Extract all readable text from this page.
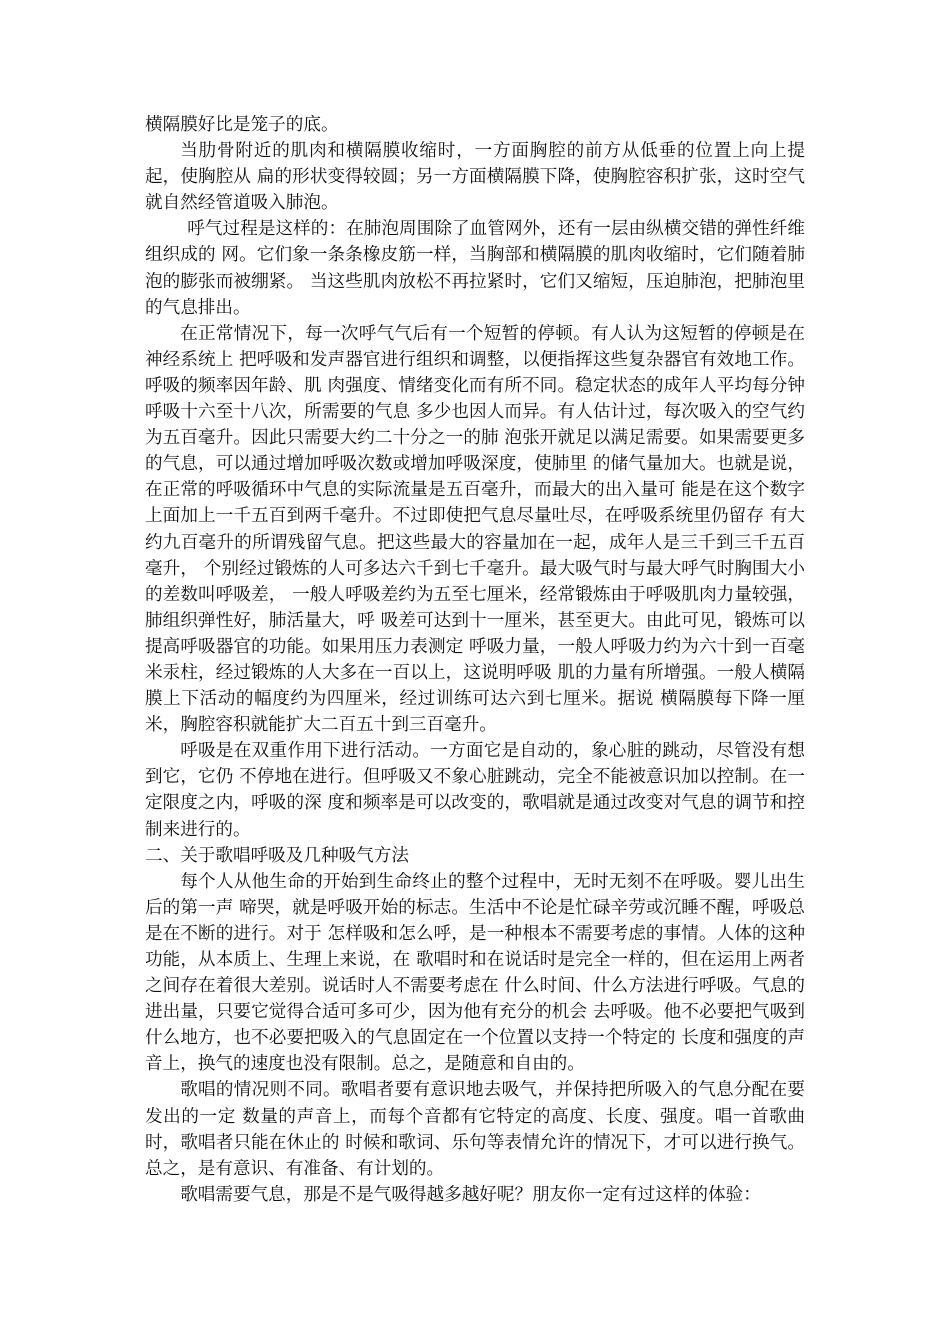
横隔膜好比是笼子的底。

当肋骨附近的肌肉和横隔膜收缩时，一方面胸腔的前方从低垂的位置上向上提起，使胸腔从 扁的形状变得较圆；另一方面横隔膜下降，使胸腔容积扩张，这时空气就自然经管道吸入肺泡。

呼气过程是这样的：在肺泡周围除了血管网外，还有一层由纵横交错的弹性纤维组织成的 网。它们象一条条橡皮筋一样，当胸部和横隔膜的肌肉收缩时，它们随着肺泡的膨张而被绷紧。 当这些肌肉放松不再拉紧时，它们又缩短，压迫肺泡，把肺泡里的气息排出。

在正常情况下，每一次呼气气后有一个短暂的停顿。有人认为这短暂的停顿是在神经系统上 把呼吸和发声器官进行组织和调整，以便指挥这些复杂器官有效地工作。呼吸的频率因年龄、肌 肉强度、情绪变化而有所不同。稳定状态的成年人平均每分钟呼吸十六至十八次，所需要的气息 多少也因人而异。有人估计过，每次吸入的空气约为五百毫升。因此只需要大约二十分之一的肺 泡张开就足以满足需要。如果需要更多的气息，可以通过增加呼吸次数或增加呼吸深度，使肺里 的储气量加大。也就是说，在正常的呼吸循环中气息的实际流量是五百毫升，而最大的出入量可 能是在这个数字上面加上一千五百到两千毫升。不过即使把气息尽量吐尽，在呼吸系统里仍留存 有大约九百毫升的所谓残留气息。把这些最大的容量加在一起，成年人是三千到三千五百毫升， 个别经过锻炼的人可多达六千到七千毫升。最大吸气时与最大呼气时胸围大小的差数叫呼吸差， 一般人呼吸差约为五至七厘米，经常锻炼由于呼吸肌肉力量较强，肺组织弹性好，肺活量大，呼 吸差可达到十一厘米，甚至更大。由此可见，锻炼可以提高呼吸器官的功能。如果用压力表测定 呼吸力量，一般人呼吸力约为六十到一百毫米汞柱，经过锻炼的人大多在一百以上，这说明呼吸 肌的力量有所增强。一般人横隔膜上下活动的幅度约为四厘米，经过训练可达六到七厘米。据说 横隔膜每下降一厘米，胸腔容积就能扩大二百五十到三百毫升。

呼吸是在双重作用下进行活动。一方面它是自动的，象心脏的跳动，尽管没有想到它，它仍 不停地在进行。但呼吸又不象心脏跳动，完全不能被意识加以控制。在一定限度之内，呼吸的深 度和频率是可以改变的，歌唱就是通过改变对气息的调节和控制来进行的。

二、关于歌唱呼吸及几种吸气方法

每个人从他生命的开始到生命终止的整个过程中，无时无刻不在呼吸。婴儿出生后的第一声 啼哭，就是呼吸开始的标志。生活中不论是忙碌辛劳或沉睡不醒，呼吸总是在不断的进行。对于 怎样吸和怎么呼，是一种根本不需要考虑的事情。人体的这种功能，从本质上、生理上来说，在 歌唱时和在说话时是完全一样的，但在运用上两者之间存在着很大差别。说话时人不需要考虑在 什么时间、什么方法进行呼吸。气息的进出量，只要它觉得合适可多可少，因为他有充分的机会 去呼吸。他不必要把气吸到什么地方，也不必要把吸入的气息固定在一个位置以支持一个特定的 长度和强度的声音上，换气的速度也没有限制。总之，是随意和自由的。

歌唱的情况则不同。歌唱者要有意识地去吸气，并保持把所吸入的气息分配在要发出的一定 数量的声音上，而每个音都有它特定的高度、长度、强度。唱一首歌曲时，歌唱者只能在休止的 时候和歌词、乐句等表情允许的情况下，才可以进行换气。总之，是有意识、有准备、有计划的。

歌唱需要气息，那是不是气吸得越多越好呢？朋友你一定有过这样的体验：
